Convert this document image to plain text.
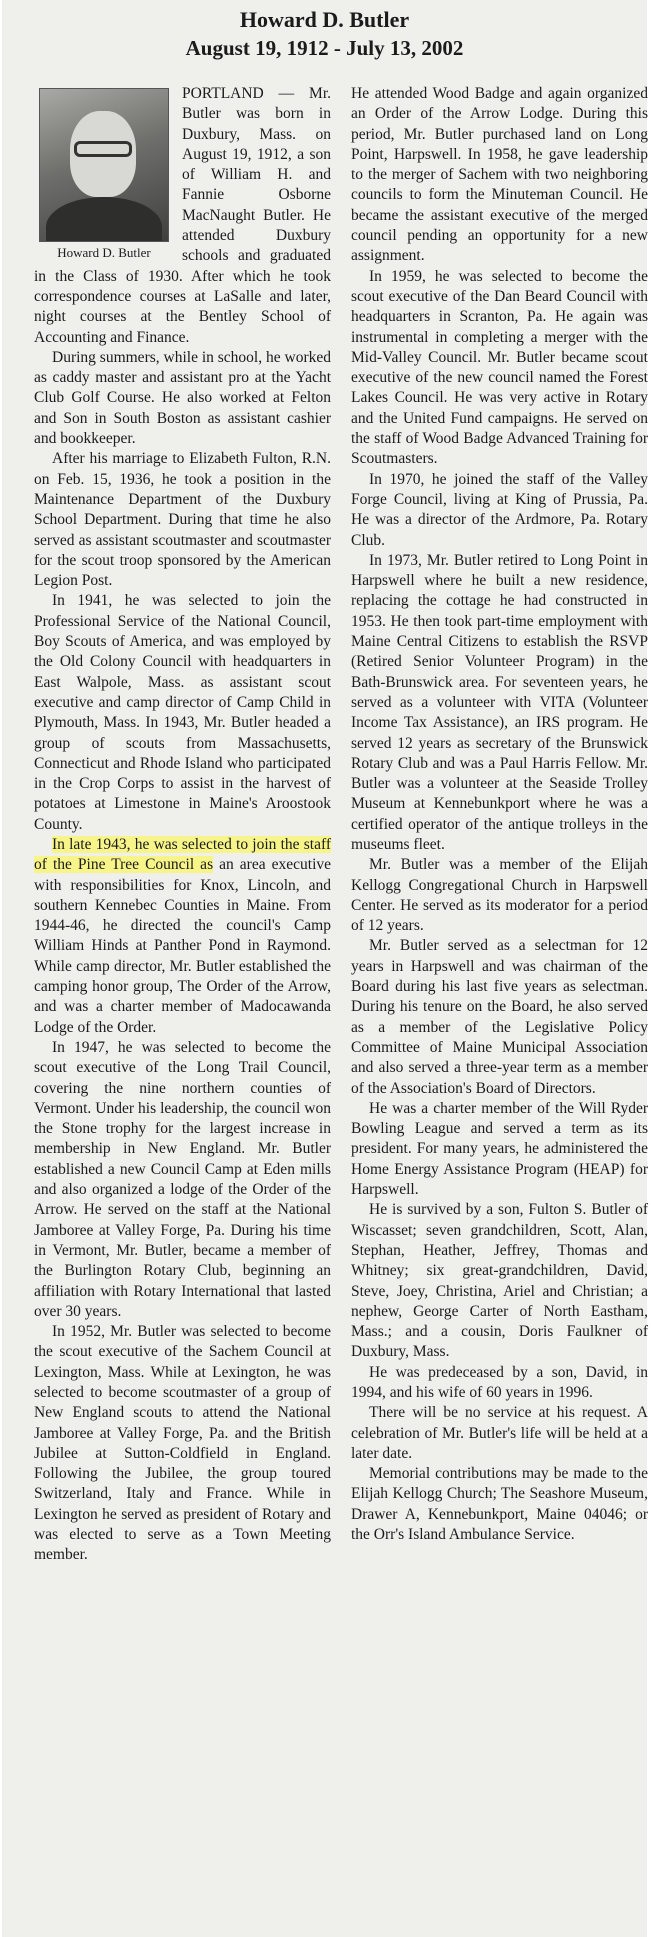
Howard D. Butler
August 19, 1912 - July 13, 2002
Howard D. Butler

PORTLAND — Mr. Butler was born in Duxbury, Mass. on August 19, 1912, a son of William H. and Fannie Osborne MacNaught Butler. He attended Duxbury schools and graduated in the Class of 1930. After which he took correspondence courses at LaSalle and later, night courses at the Bentley School of Accounting and Finance.

During summers, while in school, he worked as caddy master and assistant pro at the Yacht Club Golf Course. He also worked at Felton and Son in South Boston as assistant cashier and bookkeeper.

After his marriage to Elizabeth Fulton, R.N. on Feb. 15, 1936, he took a position in the Maintenance Department of the Duxbury School Department. During that time he also served as assistant scoutmaster and scoutmaster for the scout troop sponsored by the American Legion Post.

In 1941, he was selected to join the Professional Service of the National Council, Boy Scouts of America, and was employed by the Old Colony Council with headquarters in East Walpole, Mass. as assistant scout executive and camp director of Camp Child in Plymouth, Mass. In 1943, Mr. Butler headed a group of scouts from Massachusetts, Connecticut and Rhode Island who participated in the Crop Corps to assist in the harvest of potatoes at Limestone in Maine's Aroostook County.

In late 1943, he was selected to join the staff of the Pine Tree Council as an area executive with responsibilities for Knox, Lincoln, and southern Kennebec Counties in Maine. From 1944-46, he directed the council's Camp William Hinds at Panther Pond in Raymond. While camp director, Mr. Butler established the camping honor group, The Order of the Arrow, and was a charter member of Madocawanda Lodge of the Order.

In 1947, he was selected to become the scout executive of the Long Trail Council, covering the nine northern counties of Vermont. Under his leadership, the council won the Stone trophy for the largest increase in membership in New England. Mr. Butler established a new Council Camp at Eden mills and also organized a lodge of the Order of the Arrow. He served on the staff at the National Jamboree at Valley Forge, Pa. During his time in Vermont, Mr. Butler, became a member of the Burlington Rotary Club, beginning an affiliation with Rotary International that lasted over 30 years.

In 1952, Mr. Butler was selected to become the scout executive of the Sachem Council at Lexington, Mass. While at Lexington, he was selected to become scoutmaster of a group of New England scouts to attend the National Jamboree at Valley Forge, Pa. and the British Jubilee at Sutton-Coldfield in England. Following the Jubilee, the group toured Switzerland, Italy and France. While in Lexington he served as president of Rotary and was elected to serve as a Town Meeting member.

He attended Wood Badge and again organized an Order of the Arrow Lodge. During this period, Mr. Butler purchased land on Long Point, Harpswell. In 1958, he gave leadership to the merger of Sachem with two neighboring councils to form the Minuteman Council. He became the assistant executive of the merged council pending an opportunity for a new assignment.

In 1959, he was selected to become the scout executive of the Dan Beard Council with headquarters in Scranton, Pa. He again was instrumental in completing a merger with the Mid-Valley Council. Mr. Butler became scout executive of the new council named the Forest Lakes Council. He was very active in Rotary and the United Fund campaigns. He served on the staff of Wood Badge Advanced Training for Scoutmasters.

In 1970, he joined the staff of the Valley Forge Council, living at King of Prussia, Pa. He was a director of the Ardmore, Pa. Rotary Club.

In 1973, Mr. Butler retired to Long Point in Harpswell where he built a new residence, replacing the cottage he had constructed in 1953. He then took part-time employment with Maine Central Citizens to establish the RSVP (Retired Senior Volunteer Program) in the Bath-Brunswick area. For seventeen years, he served as a volunteer with VITA (Volunteer Income Tax Assistance), an IRS program. He served 12 years as secretary of the Brunswick Rotary Club and was a Paul Harris Fellow. Mr. Butler was a volunteer at the Seaside Trolley Museum at Kennebunkport where he was a certified operator of the antique trolleys in the museums fleet.

Mr. Butler was a member of the Elijah Kellogg Congregational Church in Harpswell Center. He served as its moderator for a period of 12 years.

Mr. Butler served as a selectman for 12 years in Harpswell and was chairman of the Board during his last five years as selectman. During his tenure on the Board, he also served as a member of the Legislative Policy Committee of Maine Municipal Association and also served a three-year term as a member of the Association's Board of Directors.

He was a charter member of the Will Ryder Bowling League and served a term as its president. For many years, he administered the Home Energy Assistance Program (HEAP) for Harpswell.

He is survived by a son, Fulton S. Butler of Wiscasset; seven grandchildren, Scott, Alan, Stephan, Heather, Jeffrey, Thomas and Whitney; six great-grandchildren, David, Steve, Joey, Christina, Ariel and Christian; a nephew, George Carter of North Eastham, Mass.; and a cousin, Doris Faulkner of Duxbury, Mass.

He was predeceased by a son, David, in 1994, and his wife of 60 years in 1996.

There will be no service at his request. A celebration of Mr. Butler's life will be held at a later date.

Memorial contributions may be made to the Elijah Kellogg Church; The Seashore Museum, Drawer A, Kennebunkport, Maine 04046; or the Orr's Island Ambulance Service.
